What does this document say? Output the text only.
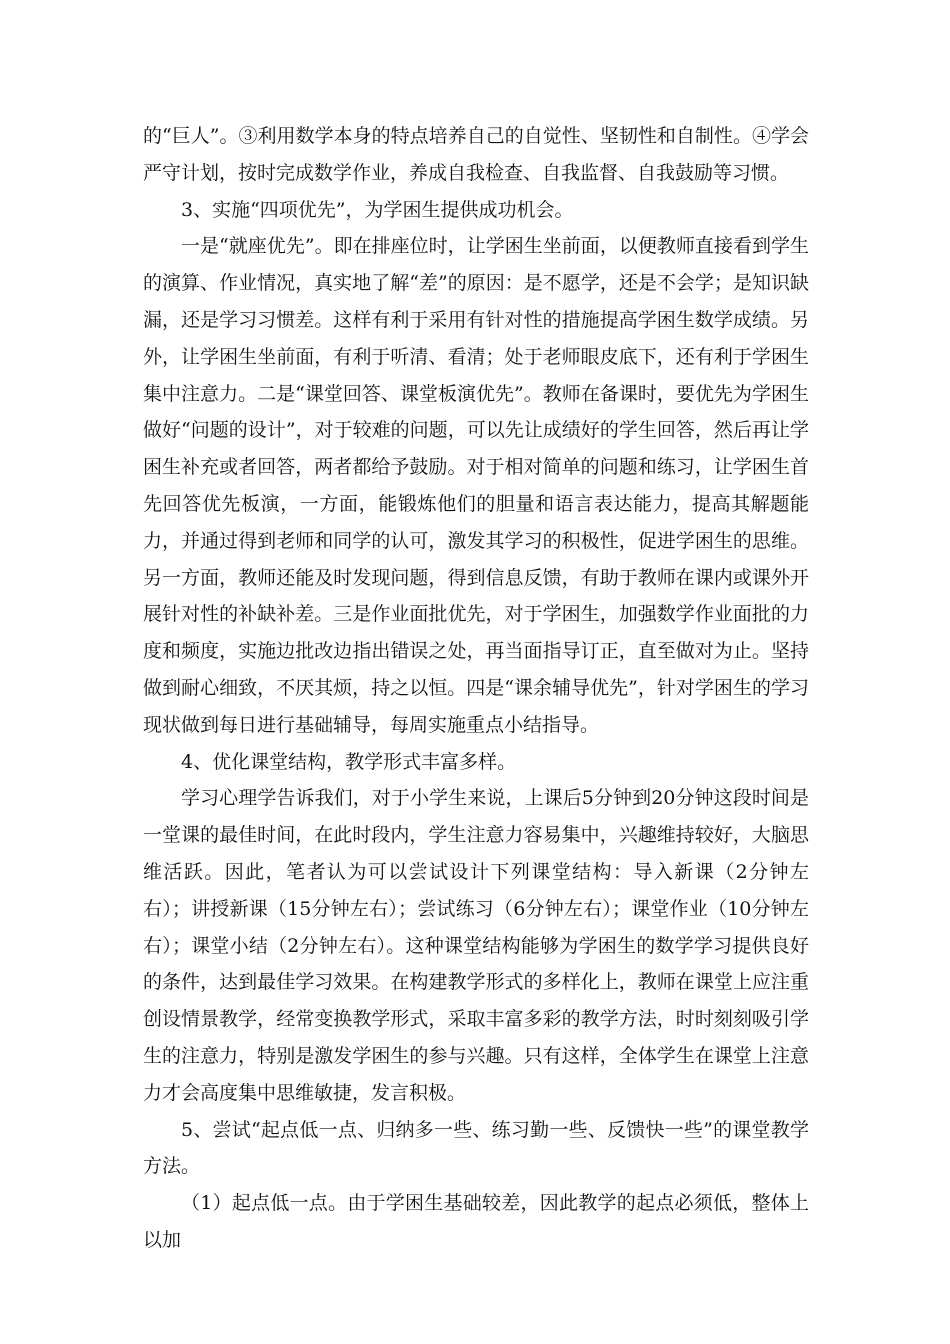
的“巨人”。③利用数学本身的特点培养自己的自觉性、坚韧性和自制性。④学会严守计划，按时完成数学作业，养成自我检查、自我监督、自我鼓励等习惯。

3、实施“四项优先”，为学困生提供成功机会。

一是“就座优先”。即在排座位时，让学困生坐前面，以便教师直接看到学生的演算、作业情况，真实地了解“差”的原因：是不愿学，还是不会学；是知识缺漏，还是学习习惯差。这样有利于采用有针对性的措施提高学困生数学成绩。另外，让学困生坐前面，有利于听清、看清；处于老师眼皮底下，还有利于学困生集中注意力。二是“课堂回答、课堂板演优先”。教师在备课时，要优先为学困生做好“问题的设计”，对于较难的问题，可以先让成绩好的学生回答，然后再让学困生补充或者回答，两者都给予鼓励。对于相对简单的问题和练习，让学困生首先回答优先板演，一方面，能锻炼他们的胆量和语言表达能力，提高其解题能力，并通过得到老师和同学的认可，激发其学习的积极性，促进学困生的思维。另一方面，教师还能及时发现问题，得到信息反馈，有助于教师在课内或课外开展针对性的补缺补差。三是作业面批优先，对于学困生，加强数学作业面批的力度和频度，实施边批改边指出错误之处，再当面指导订正，直至做对为止。坚持做到耐心细致，不厌其烦，持之以恒。四是“课余辅导优先”，针对学困生的学习现状做到每日进行基础辅导，每周实施重点小结指导。

4、优化课堂结构，教学形式丰富多样。

学习心理学告诉我们，对于小学生来说，上课后5分钟到20分钟这段时间是一堂课的最佳时间，在此时段内，学生注意力容易集中，兴趣维持较好，大脑思维活跃。因此，笔者认为可以尝试设计下列课堂结构：导入新课（2分钟左右）；讲授新课（15分钟左右）；尝试练习（6分钟左右）；课堂作业（10分钟左右）；课堂小结（2分钟左右）。这种课堂结构能够为学困生的数学学习提供良好的条件，达到最佳学习效果。在构建教学形式的多样化上，教师在课堂上应注重创设情景教学，经常变换教学形式，采取丰富多彩的教学方法，时时刻刻吸引学生的注意力，特别是激发学困生的参与兴趣。只有这样，全体学生在课堂上注意力才会高度集中思维敏捷，发言积极。

5、尝试“起点低一点、归纳多一些、练习勤一些、反馈快一些”的课堂教学方法。

（1）起点低一点。由于学困生基础较差，因此教学的起点必须低，整体上以加
